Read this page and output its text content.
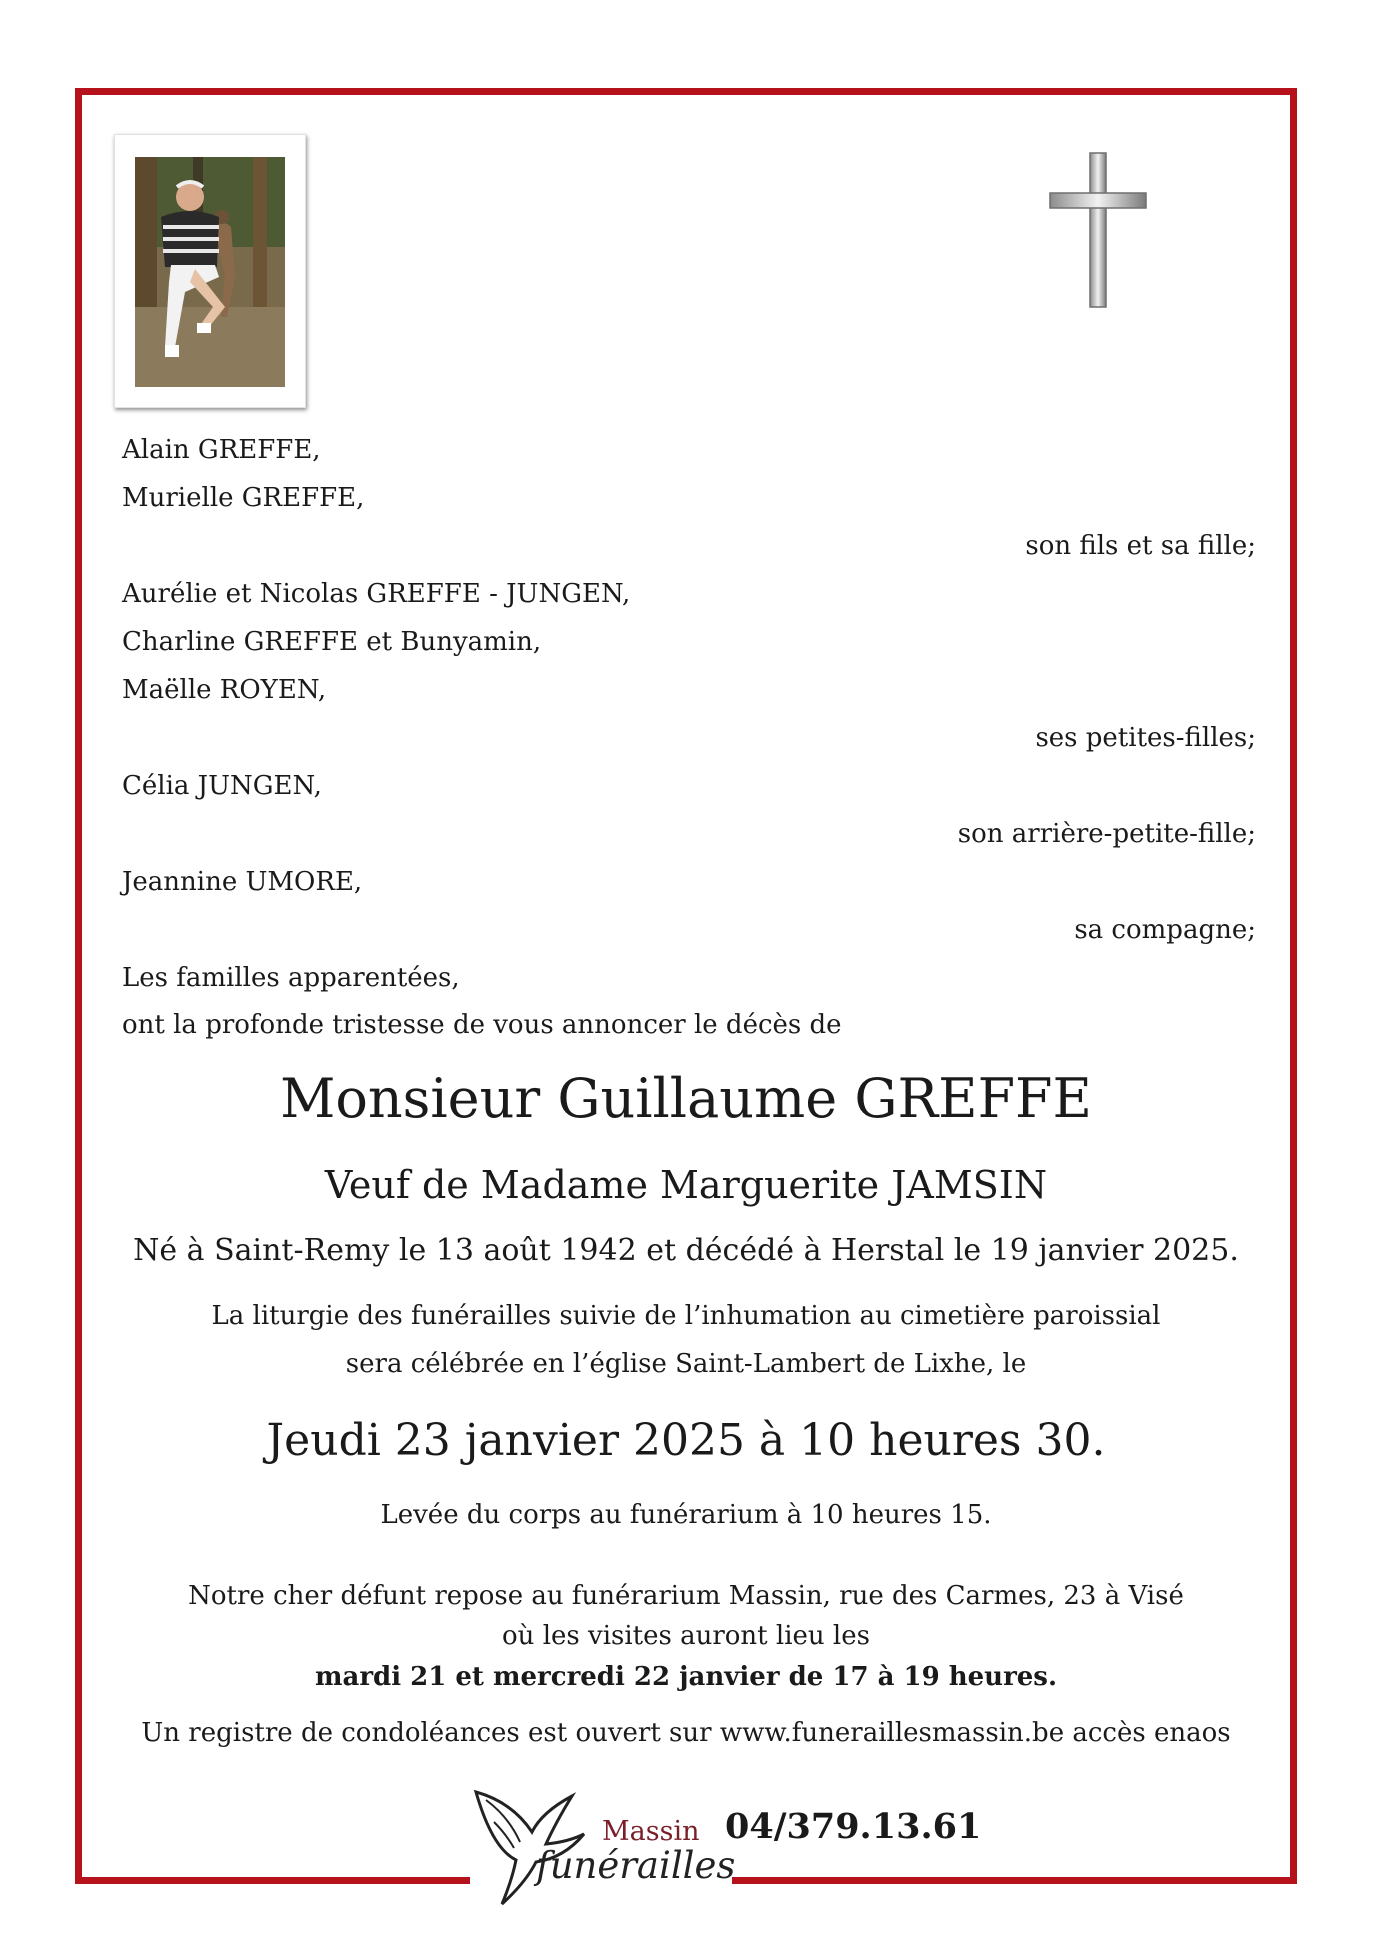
Alain GREFFE,
Murielle GREFFE,
son fils et sa fille;
Aurélie et Nicolas GREFFE - JUNGEN,
Charline GREFFE et Bunyamin,
Maëlle ROYEN,
ses petites-filles;
Célia JUNGEN,
son arrière-petite-fille;
Jeannine UMORE,
sa compagne;
Les familles apparentées,
ont la profonde tristesse de vous annoncer le décès de
Monsieur Guillaume GREFFE
Veuf de Madame Marguerite JAMSIN
Né à Saint-Remy le 13 août 1942 et décédé à Herstal le 19 janvier 2025.
La liturgie des funérailles suivie de l’inhumation au cimetière paroissial
sera célébrée en l’église Saint-Lambert de Lixhe, le
Jeudi 23 janvier 2025 à 10 heures 30.
Levée du corps au funérarium à 10 heures 15.
Notre cher défunt repose au funérarium Massin, rue des Carmes, 23 à Visé
où les visites auront lieu les
mardi 21 et mercredi 22 janvier de 17 à 19 heures.
Un registre de condoléances est ouvert sur www.funeraillesmassin.be accès enaos
Massin
funérailles
04/379.13.61
